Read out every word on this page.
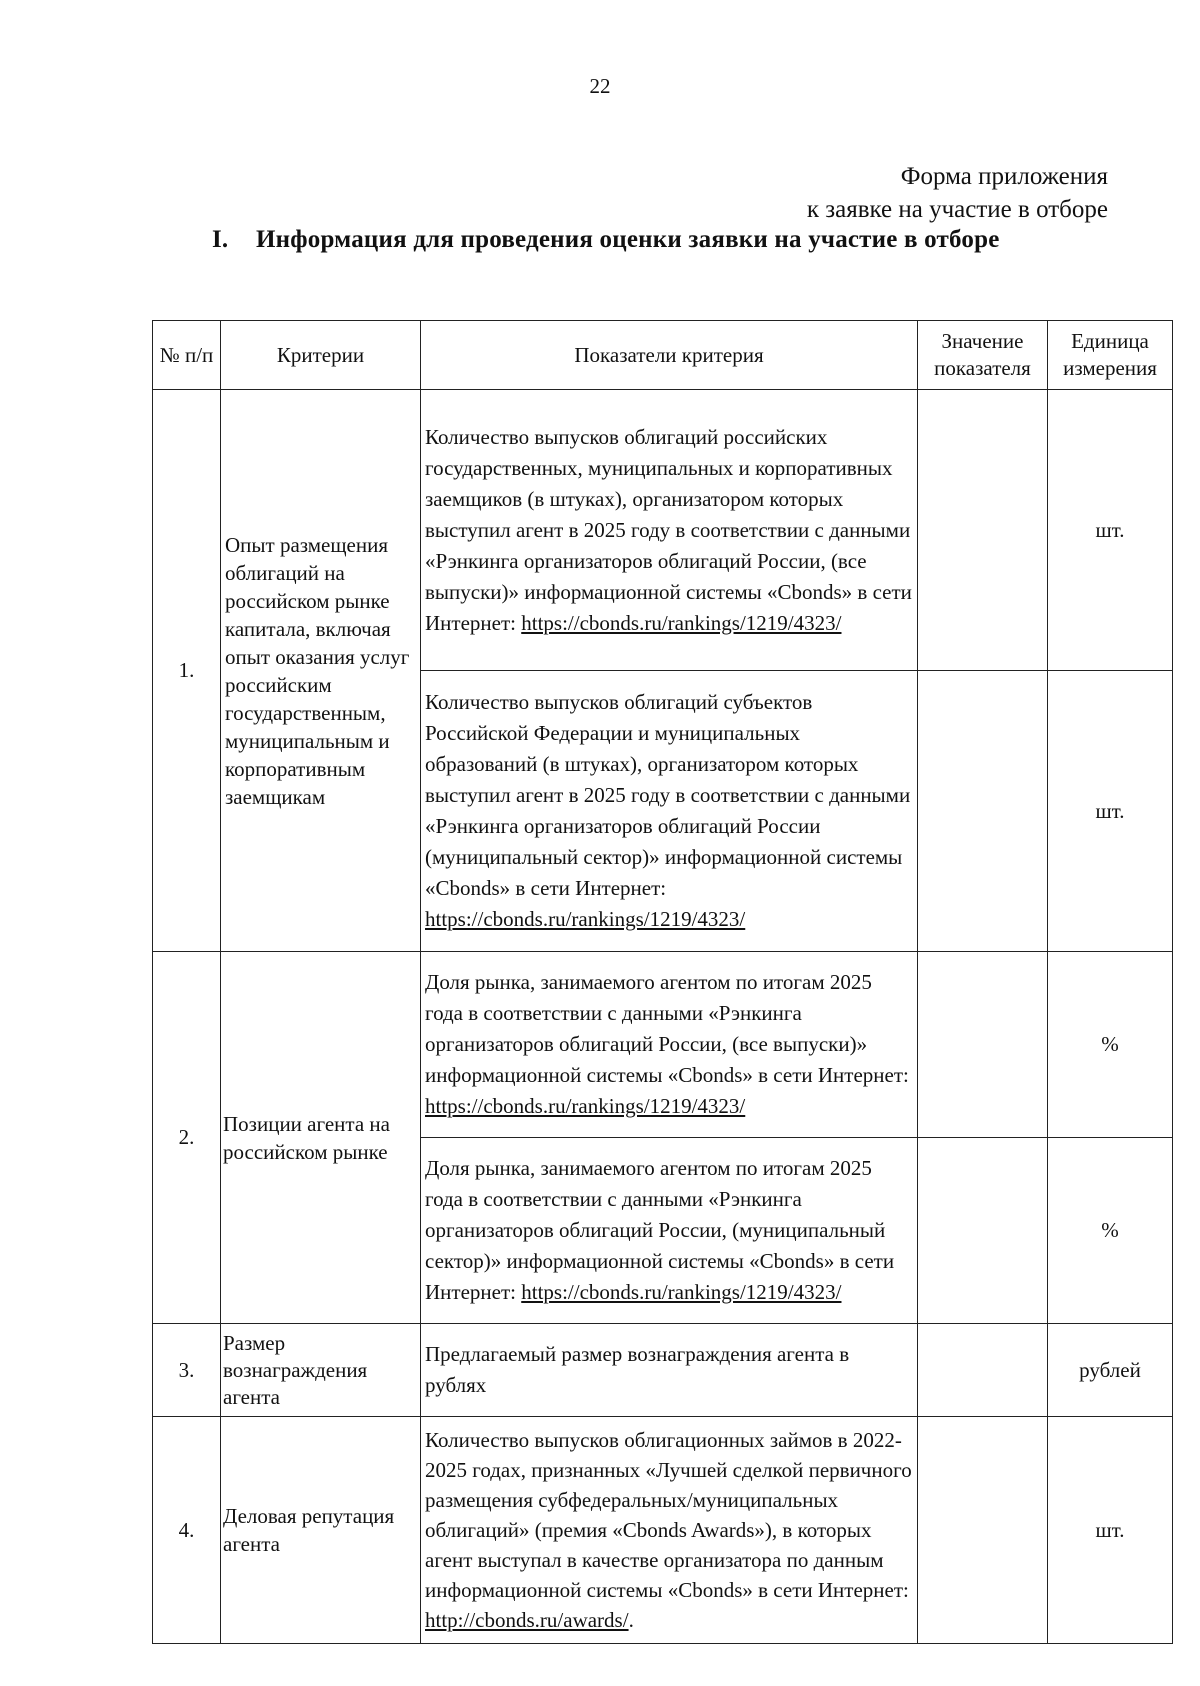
22
Форма приложения
к заявке на участие в отборе
I. Информация для проведения оценки заявки на участие в отборе
№ п/п	Критерии	Показатели критерия	Значение показателя	Единица измерения
1.	Опыт размещения облигаций на российском рынке капитала, включая опыт оказания услуг российским государственным, муниципальным и корпоративным заемщикам	Количество выпусков облигаций российских государственных, муниципальных и корпоративных заемщиков (в штуках), организатором которых выступил агент в 2025 году в соответствии с данными «Рэнкинга организаторов облигаций России, (все выпуски)» информационной системы «Cbonds» в сети Интернет: https://cbonds.ru/rankings/1219/4323/		шт.
		Количество выпусков облигаций субъектов Российской Федерации и муниципальных образований (в штуках), организатором которых выступил агент в 2025 году в соответствии с данными «Рэнкинга организаторов облигаций России (муниципальный сектор)» информационной системы «Cbonds» в сети Интернет: https://cbonds.ru/rankings/1219/4323/		шт.
2.	Позиции агента на российском рынке	Доля рынка, занимаемого агентом по итогам 2025 года в соответствии с данными «Рэнкинга организаторов облигаций России, (все выпуски)» информационной системы «Cbonds» в сети Интернет: https://cbonds.ru/rankings/1219/4323/		%
		Доля рынка, занимаемого агентом по итогам 2025 года в соответствии с данными «Рэнкинга организаторов облигаций России, (муниципальный сектор)» информационной системы «Cbonds» в сети Интернет: https://cbonds.ru/rankings/1219/4323/		%
3.	Размер вознаграждения агента	Предлагаемый размер вознаграждения агента в рублях		рублей
4.	Деловая репутация агента	Количество выпусков облигационных займов в 2022-2025 годах, признанных «Лучшей сделкой первичного размещения субфедеральных/муниципальных облигаций» (премия «Cbonds Awards»), в которых агент выступал в качестве организатора по данным информационной системы «Cbonds» в сети Интернет: http://cbonds.ru/awards/.		шт.
